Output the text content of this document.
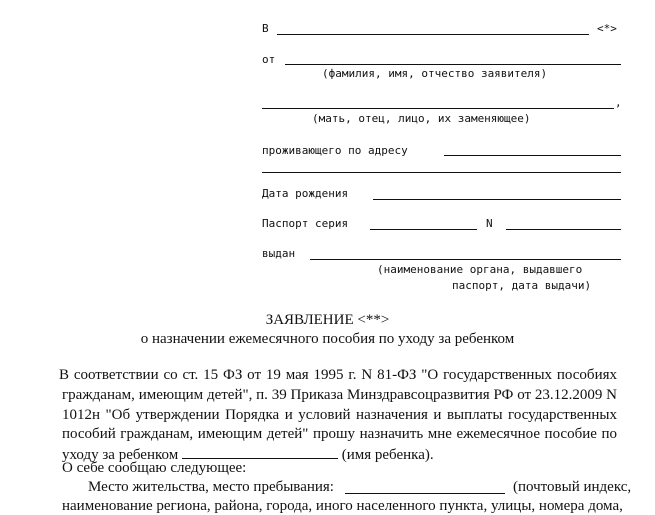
В	<*>
от
(фамилия, имя, отчество заявителя)
,
(мать, отец, лицо, их заменяющее)
проживающего по адресу
Дата рождения
Паспорт серия	N
выдан
(наименование органа, выдавшего
паспорт, дата выдачи)
ЗАЯВЛЕНИЕ <**>
о назначении ежемесячного пособия по уходу за ребенком
В соответствии со ст. 15 ФЗ от 19 мая 1995 г. N 81-ФЗ "О государственных пособиях гражданам, имеющим детей", п. 39 Приказа Минздравсоцразвития РФ от 23.12.2009 N 1012н "Об утверждении Порядка и условий назначения и выплаты государственных пособий гражданам, имеющим детей" прошу назначить мне ежемесячное пособие по уходу за ребенком	(имя ребенка).
О себе сообщаю следующее:
Место жительства, место пребывания:	(почтовый индекс,
наименование региона, района, города, иного населенного пункта, улицы, номера дома,
